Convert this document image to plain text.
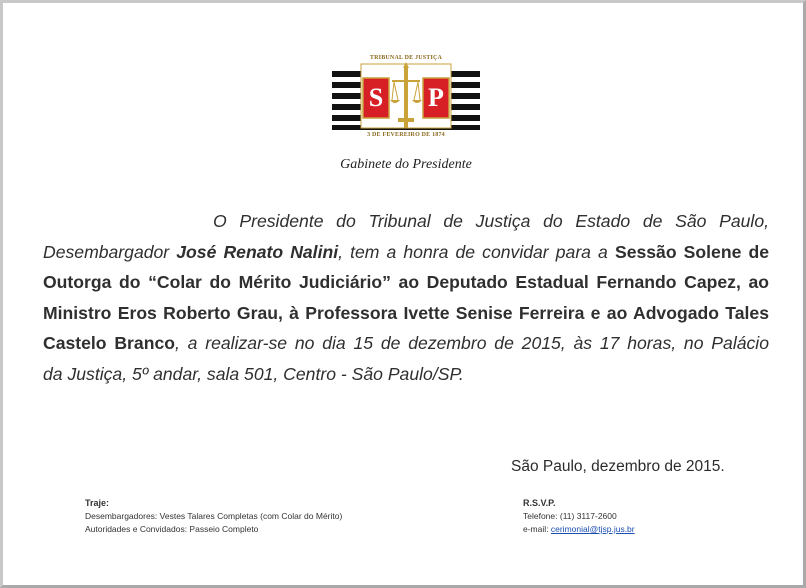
TRIBUNAL DE JUSTIÇA
S P
3 DE FEVEREIRO DE 1874
Gabinete do Presidente
O Presidente do Tribunal de Justiça do Estado de São Paulo,
Desembargador José Renato Nalini, tem a honra de convidar para a Sessão Solene de
Outorga do “Colar do Mérito Judiciário” ao Deputado Estadual Fernando Capez, ao
Ministro Eros Roberto Grau, à Professora Ivette Senise Ferreira e ao Advogado Tales
Castelo Branco, a realizar-se no dia 15 de dezembro de 2015, às 17 horas, no Palácio
da Justiça, 5º andar, sala 501, Centro - São Paulo/SP.
São Paulo, dezembro de 2015.
Traje:
Desembargadores: Vestes Talares Completas (com Colar do Mérito)
Autoridades e Convidados: Passeio Completo
R.S.V.P.
Telefone: (11) 3117-2600
e-mail: cerimonial@tjsp.jus.br
